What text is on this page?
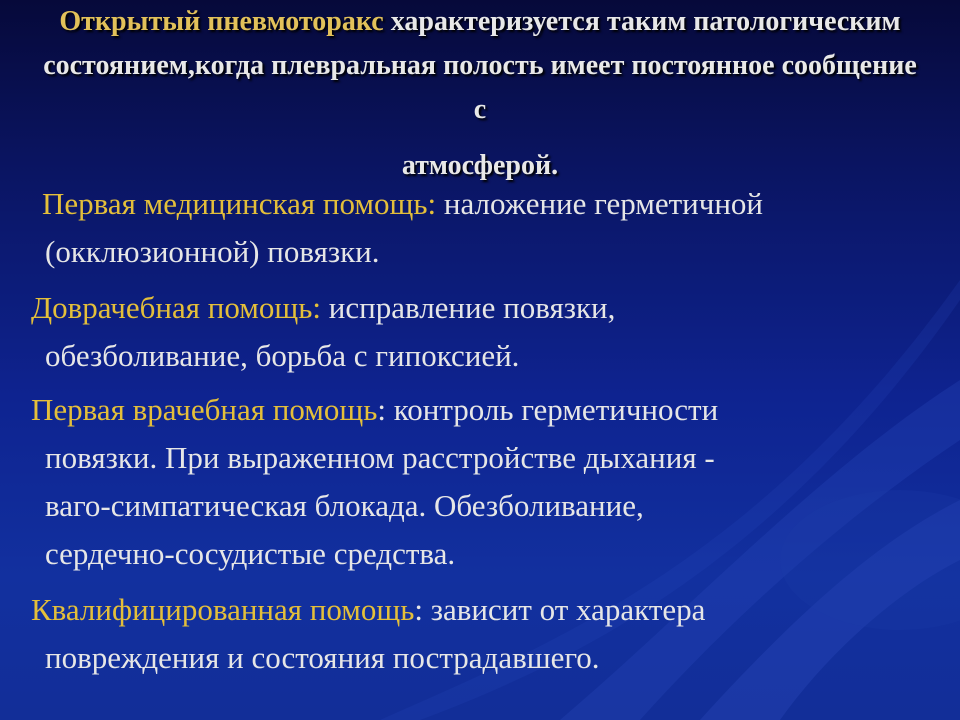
Открытый пневмоторакс характеризуется таким патологическим состоянием,когда плевральная полость имеет постоянное сообщение с
атмосферой.
Первая медицинская помощь: наложение герметичной
(окклюзионной) повязки.
Доврачебная помощь: исправление повязки,
обезболивание, борьба с гипоксией.
Первая врачебная помощь: контроль герметичности
повязки. При выраженном расстройстве дыхания -
ваго-симпатическая блокада. Обезболивание,
сердечно-сосудистые средства.
Квалифицированная помощь: зависит от характера
повреждения и состояния пострадавшего.
